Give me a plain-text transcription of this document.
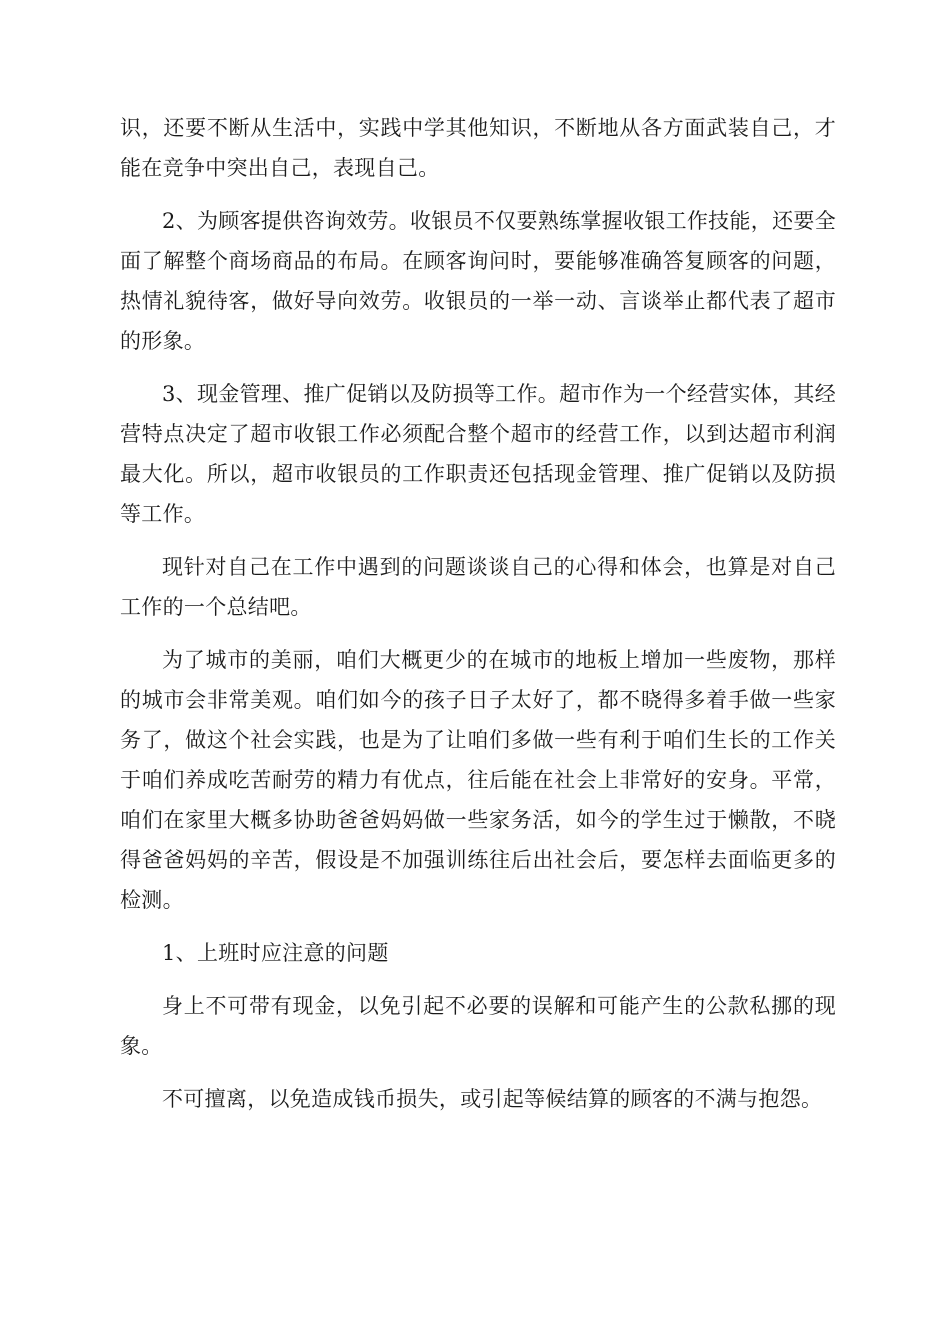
识，还要不断从生活中，实践中学其他知识，不断地从各方面武装自己，才能在竞争中突出自己，表现自己。

2、为顾客提供咨询效劳。收银员不仅要熟练掌握收银工作技能，还要全面了解整个商场商品的布局。在顾客询问时，要能够准确答复顾客的问题，热情礼貌待客，做好导向效劳。收银员的一举一动、言谈举止都代表了超市的形象。

3、现金管理、推广促销以及防损等工作。超市作为一个经营实体，其经营特点决定了超市收银工作必须配合整个超市的经营工作，以到达超市利润最大化。所以，超市收银员的工作职责还包括现金管理、推广促销以及防损等工作。

现针对自己在工作中遇到的问题谈谈自己的心得和体会，也算是对自己工作的一个总结吧。

为了城市的美丽，咱们大概更少的在城市的地板上增加一些废物，那样的城市会非常美观。咱们如今的孩子日子太好了，都不晓得多着手做一些家务了，做这个社会实践，也是为了让咱们多做一些有利于咱们生长的工作关于咱们养成吃苦耐劳的精力有优点，往后能在社会上非常好的安身。平常，咱们在家里大概多协助爸爸妈妈做一些家务活，如今的学生过于懒散，不晓得爸爸妈妈的辛苦，假设是不加强训练往后出社会后，要怎样去面临更多的检测。

1、上班时应注意的问题

身上不可带有现金，以免引起不必要的误解和可能产生的公款私挪的现象。

不可擅离，以免造成钱币损失，或引起等候结算的顾客的不满与抱怨。
